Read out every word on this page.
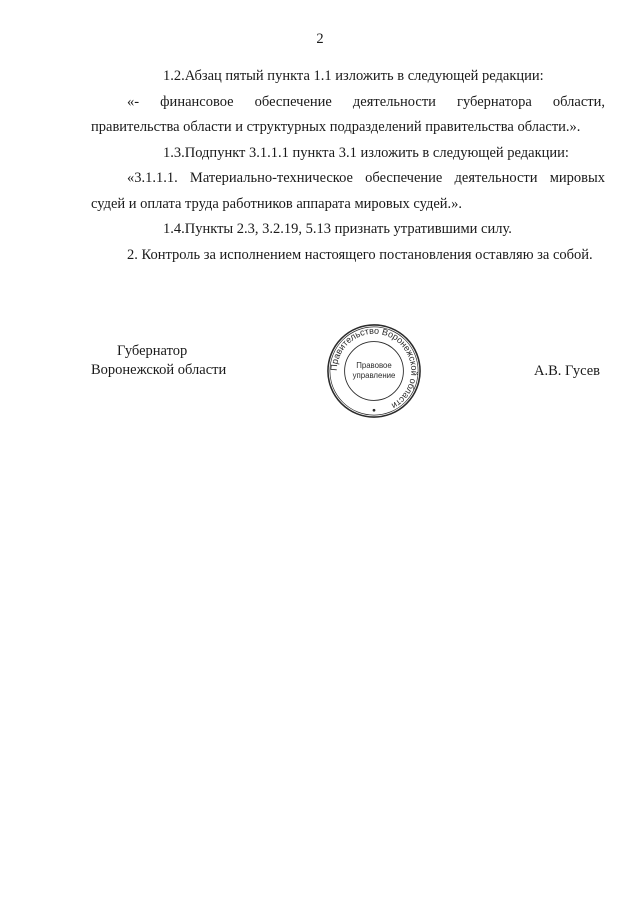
2

1.2.Абзац пятый пункта 1.1 изложить в следующей редакции:

«- финансовое обеспечение деятельности губернатора области, правительства области и структурных подразделений правительства области.».

1.3.Подпункт 3.1.1.1 пункта 3.1 изложить в следующей редакции:

«3.1.1.1. Материально-техническое обеспечение деятельности мировых судей и оплата труда работников аппарата мировых судей.».

1.4.Пункты 2.3, 3.2.19, 5.13 признать утратившими силу.

2. Контроль за исполнением настоящего постановления оставляю за собой.

Губернатор
Воронежской области	Правительство Воронежской области
Правовое
управление	А.В. Гусев
